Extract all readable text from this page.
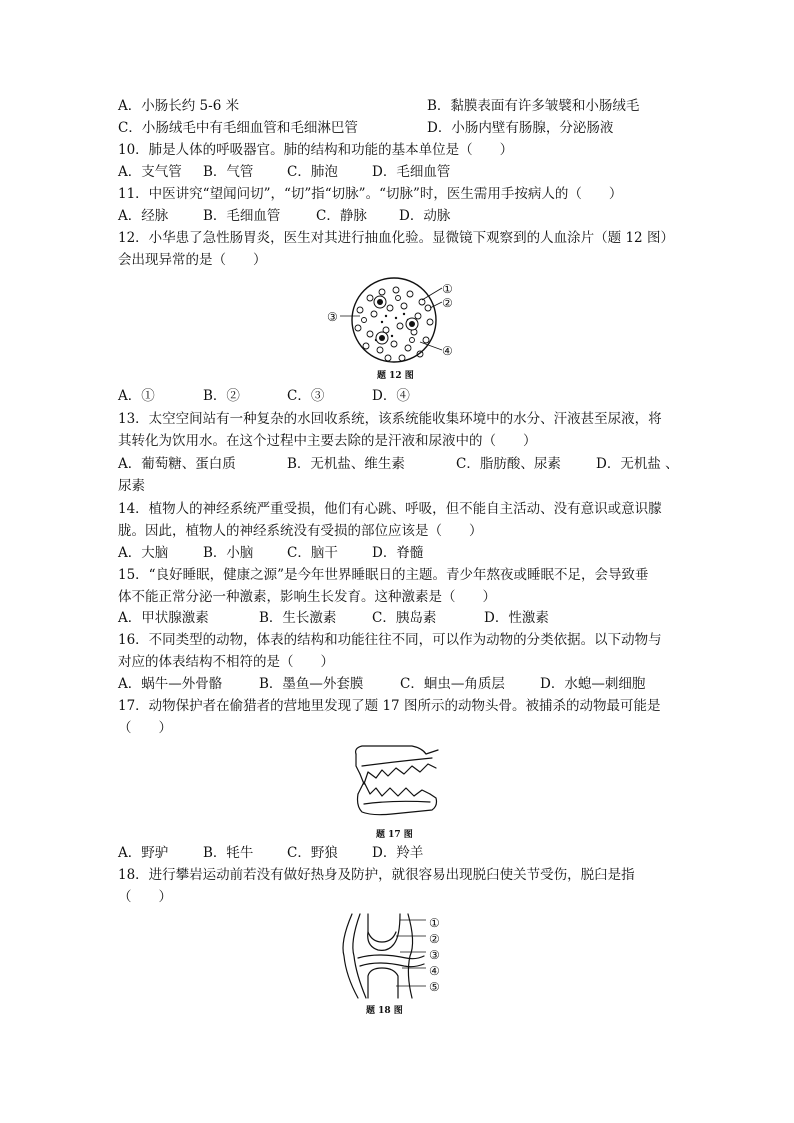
A．小肠长约 5-6 米	B．黏膜表面有许多皱襞和小肠绒毛
C．小肠绒毛中有毛细血管和毛细淋巴管	D．小肠内壁有肠腺，分泌肠液
10．肺是人体的呼吸器官。肺的结构和功能的基本单位是（　　）
A．支气管 B．气管 C．肺泡	D．毛细血管
11．中医讲究“望闻问切”，“切”指“切脉”。“切脉”时，医生需用手按病人的（　　）
A．经脉	B．毛细血管	C．静脉 D．动脉
12．小华患了急性肠胃炎，医生对其进行抽血化验。显微镜下观察到的人血涂片（题 12 图）
会出现异常的是（　　）
①
②
③
④
题 12 图
A．①	B．②	C．③	D．④
13．太空空间站有一种复杂的水回收系统，该系统能收集环境中的水分、汗液甚至尿液，将
其转化为饮用水。在这个过程中主要去除的是汗液和尿液中的（　　）
A．葡萄糖、蛋白质	B．无机盐、维生素	C．脂肪酸、尿素	D．无机盐 、
尿素
14．植物人的神经系统严重受损，他们有心跳、呼吸，但不能自主活动、没有意识或意识朦
胧。因此，植物人的神经系统没有受损的部位应该是（　　）
A．大脑	B．小脑 C．脑干	D．脊髓
15．“良好睡眠，健康之源”是今年世界睡眠日的主题。青少年熬夜或睡眠不足，会导致垂
体不能正常分泌一种激素，影响生长发育。这种激素是（　　）
A．甲状腺激素	B．生长激素	C．胰岛素	D．性激素
16．不同类型的动物，体表的结构和功能往往不同，可以作为动物的分类依据。以下动物与
对应的体表结构不相符的是（　　）
A．蜗牛—外骨骼	B．墨鱼—外套膜	C．蛔虫—角质层	D．水螅—刺细胞
17．动物保护者在偷猎者的营地里发现了题 17 图所示的动物头骨。被捕杀的动物最可能是
（　　）
题 17 图
A．野驴	B．牦牛 C．野狼	D．羚羊
18．进行攀岩运动前若没有做好热身及防护，就很容易出现脱臼使关节受伤，脱臼是指
（　　）
①
②
③
④
⑤
题 18 图
